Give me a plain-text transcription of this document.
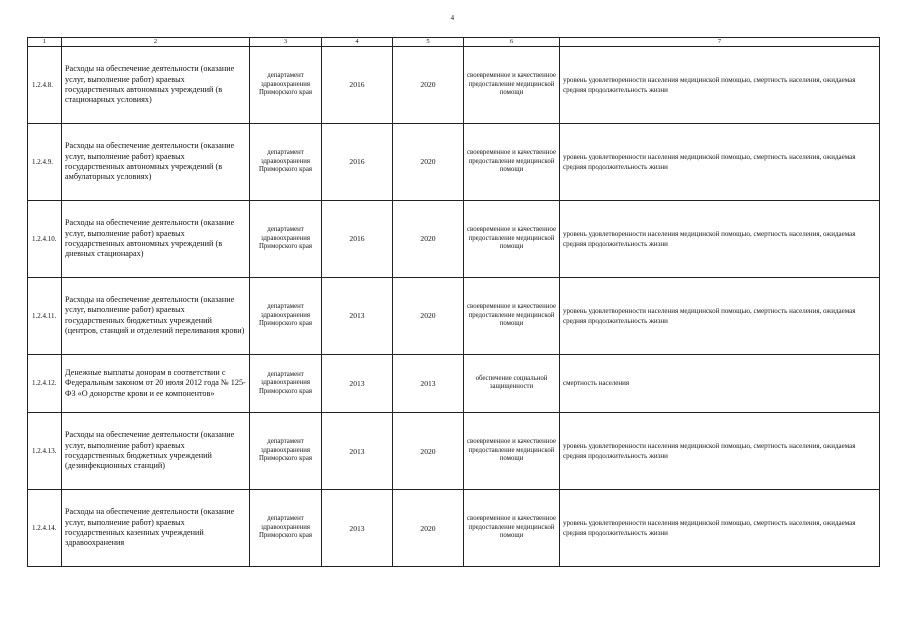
4
1	2	3	4	5	6	7
1.2.4.8.	Расходы на обеспечение деятельности (оказание услуг, выполнение работ) краевых государственных автономных учреждений (в стационарных условиях)	департамент здравоохранения Приморского края	2016	2020	своевременное и качественное предоставление медицинской помощи	уровень удовлетворенности населения медицинской помощью, смертность населения, ожидаемая средняя продолжительность жизни
1.2.4.9.	Расходы на обеспечение деятельности (оказание услуг, выполнение работ) краевых государственных автономных учреждений (в амбулаторных условиях)	департамент здравоохранения Приморского края	2016	2020	своевременное и качественное предоставление медицинской помощи	уровень удовлетворенности населения медицинской помощью, смертность населения, ожидаемая средняя продолжительность жизни
1.2.4.10.	Расходы на обеспечение деятельности (оказание услуг, выполнение работ) краевых государственных автономных учреждений (в дневных стационарах)	департамент здравоохранения Приморского края	2016	2020	своевременное и качественное предоставление медицинской помощи	уровень удовлетворенности населения медицинской помощью, смертность населения, ожидаемая средняя продолжительность жизни
1.2.4.11.	Расходы на обеспечение деятельности (оказание услуг, выполнение работ) краевых государственных бюджетных учреждений (центров, станций и отделений переливания крови)	департамент здравоохранения Приморского края	2013	2020	своевременное и качественное предоставление медицинской помощи	уровень удовлетворенности населения медицинской помощью, смертность населения, ожидаемая средняя продолжительность жизни
1.2.4.12.	Денежные выплаты донорам в соответствии с Федеральным законом от 20 июля 2012 года № 125-ФЗ «О донорстве крови и ее компонентов»	департамент здравоохранения Приморского края	2013	2013	обеспечение социальной защищенности	смертность населения
1.2.4.13.	Расходы на обеспечение деятельности (оказание услуг, выполнение работ) краевых государственных бюджетных учреждений (дезинфекционных станций)	департамент здравоохранения Приморского края	2013	2020	своевременное и качественное предоставление медицинской помощи	уровень удовлетворенности населения медицинской помощью, смертность населения, ожидаемая средняя продолжительность жизни
1.2.4.14.	Расходы на обеспечение деятельности (оказание услуг, выполнение работ) краевых государственных казенных учреждений здравоохранения	департамент здравоохранения Приморского края	2013	2020	своевременное и качественное предоставление медицинской помощи	уровень удовлетворенности населения медицинской помощью, смертность населения, ожидаемая средняя продолжительность жизни
